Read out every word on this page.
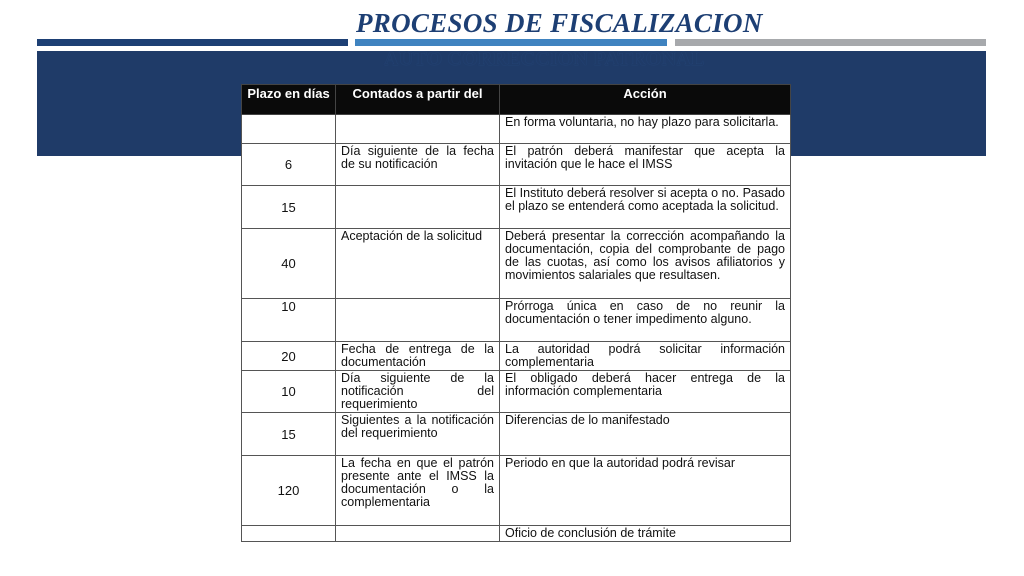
PROCESOS DE FISCALIZACION
AUTO CORRECCION PATRONAL
Plazo en días	Contados a partir del	Acción
		En forma voluntaria, no hay plazo para solicitarla.
6	Día siguiente de la fecha de su notificación	El patrón deberá manifestar que acepta la invitación que le hace el IMSS
15		El Instituto deberá resolver si acepta o no. Pasado el plazo se entenderá como aceptada la solicitud.
40	Aceptación de la solicitud	Deberá presentar la corrección acompañando la documentación, copia del comprobante de pago de las cuotas, así como los avisos afiliatorios y movimientos salariales que resultasen.
10		Prórroga única en caso de no reunir la documentación o tener impedimento alguno.
20	Fecha de entrega de la documentación	La autoridad podrá solicitar información complementaria
10	Día siguiente de la notificación del requerimiento	El obligado deberá hacer entrega de la información complementaria
15	Siguientes a la notificación del requerimiento	Diferencias de lo manifestado
120	La fecha en que el patrón presente ante el IMSS la documentación o la complementaria	Periodo en que la autoridad podrá revisar
		Oficio de conclusión de trámite
